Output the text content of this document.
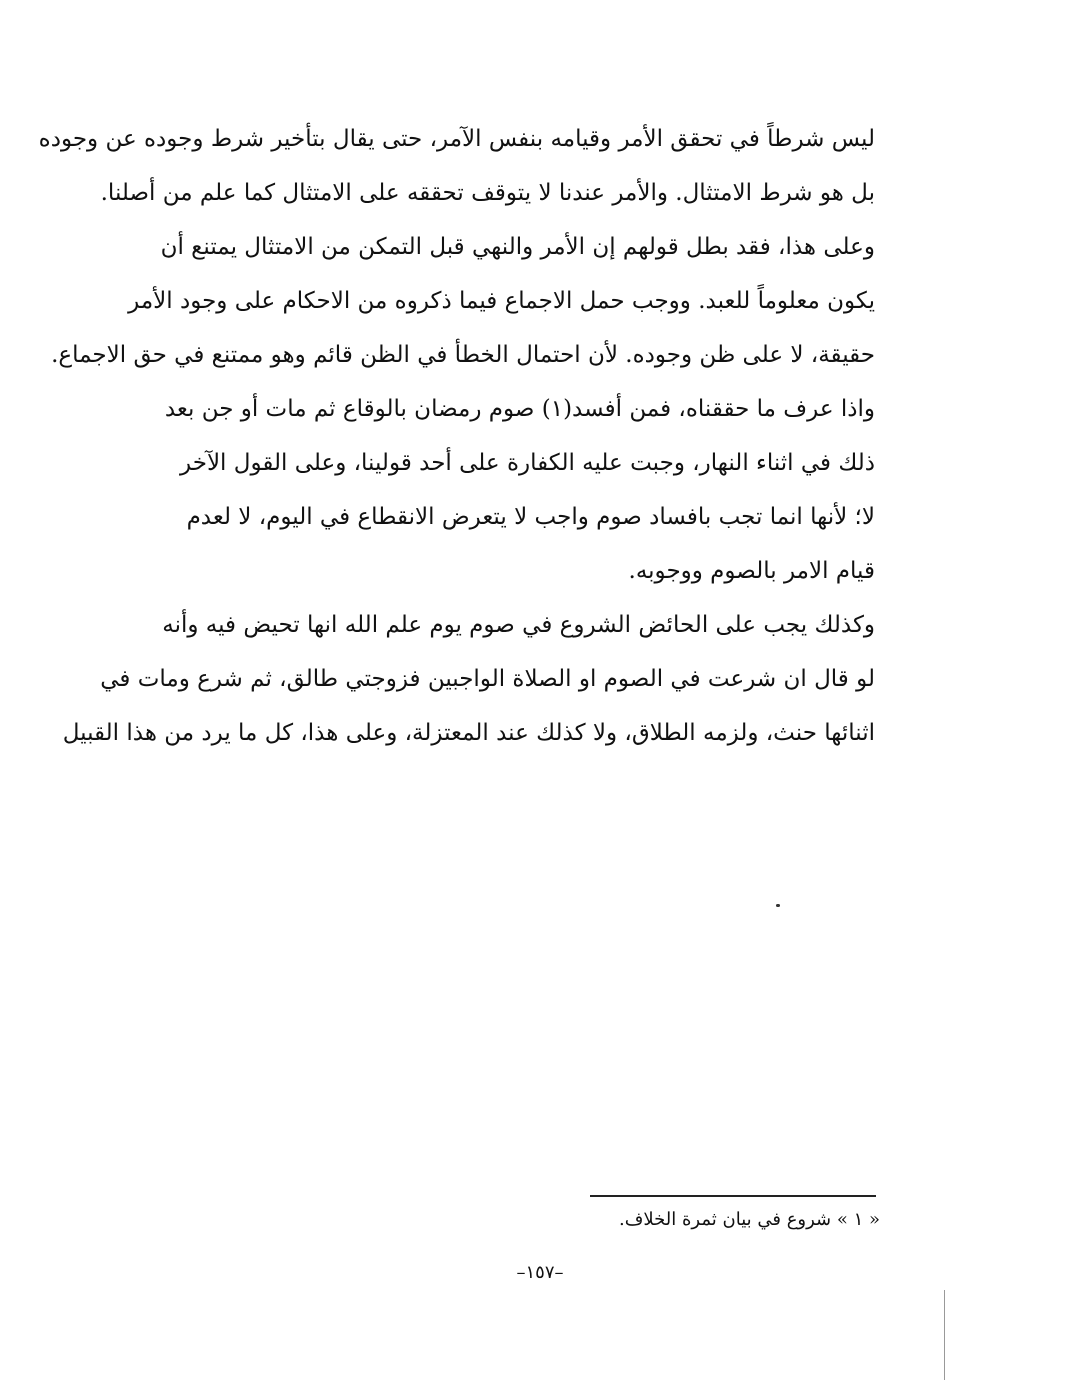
ليس شرطاً في تحقق الأمر وقيامه بنفس الآمر، حتى يقال بتأخير شرط وجوده عن وجوده
بل هو شرط الامتثال. والأمر عندنا لا يتوقف تحققه على الامتثال كما علم من أصلنا.
وعلى هذا، فقد بطل قولهم إن الأمر والنهي قبل التمكن من الامتثال يمتنع أن
يكون معلوماً للعبد. ووجب حمل الاجماع فيما ذكروه من الاحكام على وجود الأمر
حقيقة، لا على ظن وجوده. لأن احتمال الخطأ في الظن قائم وهو ممتنع في حق الاجماع.
واذا عرف ما حققناه، فمن أفسد(١) صوم رمضان بالوقاع ثم مات أو جن بعد
ذلك في اثناء النهار، وجبت عليه الكفارة على أحد قولينا، وعلى القول الآخر
لا؛ لأنها انما تجب بافساد صوم واجب لا يتعرض الانقطاع في اليوم، لا لعدم
قيام الامر بالصوم ووجوبه.
وكذلك يجب على الحائض الشروع في صوم يوم علم الله انها تحيض فيه وأنه
لو قال ان شرعت في الصوم او الصلاة الواجبين فزوجتي طالق، ثم شرع ومات في
اثنائها حنث، ولزمه الطلاق، ولا كذلك عند المعتزلة، وعلى هذا، كل ما يرد من هذا القبيل
« ١ » شروع في بيان ثمرة الخلاف.
–١٥٧–
